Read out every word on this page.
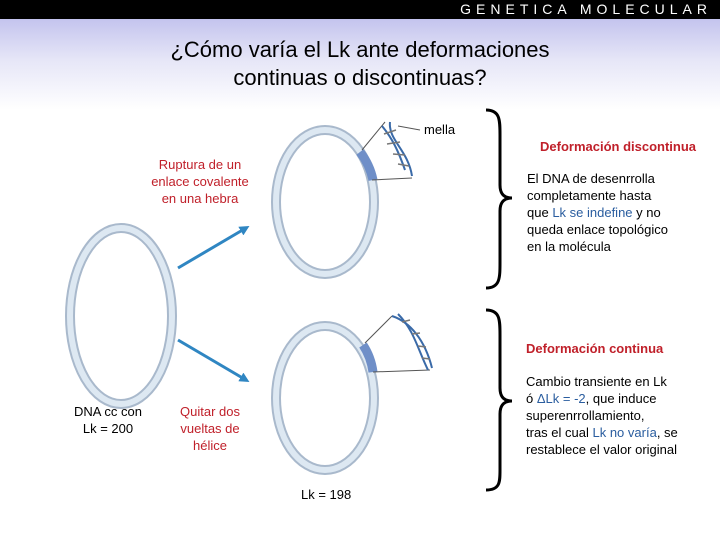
GENETICA MOLECULAR
¿Cómo varía el Lk ante deformaciones
continuas o discontinuas?
mella
Ruptura de un
enlace covalente
en una hebra
DNA cc con
Lk = 200
Quitar dos
vueltas de
hélice
Lk = 198
Deformación discontinua
El DNA de desenrrolla
completamente hasta
que Lk se indefine y no
queda enlace topológico
en la molécula
Deformación continua
Cambio transiente en Lk
ó ΔLk = -2, que induce
superenrrollamiento,
tras el cual Lk no varía, se
restablece el valor original
